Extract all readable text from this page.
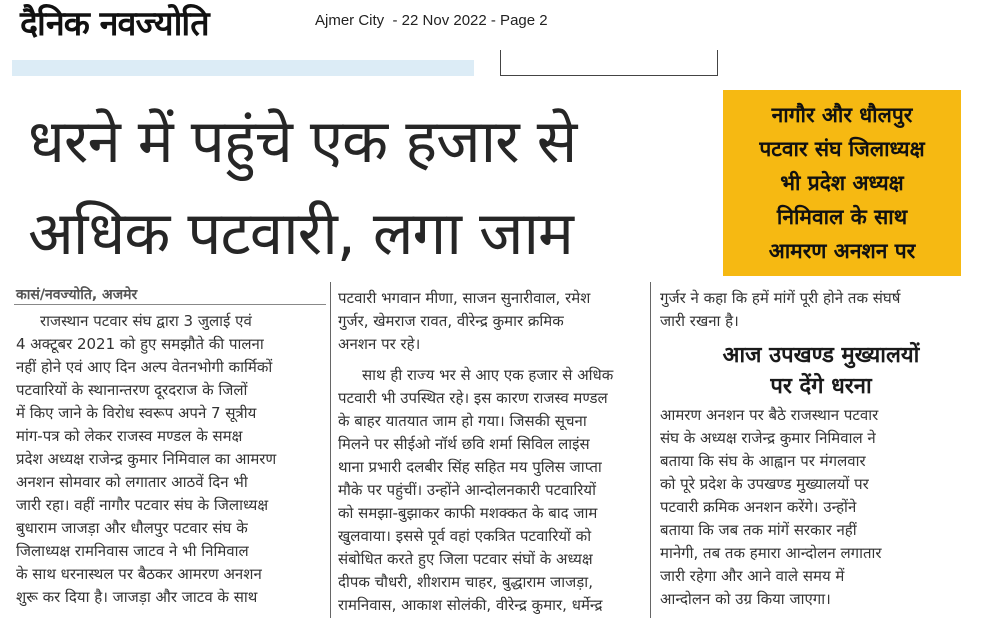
दैनिक नवज्योति	Ajmer City  - 22 Nov 2022 - Page 2
धरने में पहुंचे एक हजार से
अधिक पटवारी, लगा जाम
नागौर और धौलपुर
पटवार संघ जिलाध्यक्ष
भी प्रदेश अध्यक्ष
निमिवाल के साथ
आमरण अनशन पर
कासं/नवज्योति, अजमेर

राजस्थान पटवार संघ द्वारा 3 जुलाई एवं

4 अक्टूबर 2021 को हुए समझौते की पालना

नहीं होने एवं आए दिन अल्प वेतनभोगी कार्मिकों

पटवारियों के स्थानान्तरण दूरदराज के जिलों

में किए जाने के विरोध स्वरूप अपने 7 सूत्रीय

मांग-पत्र को लेकर राजस्व मण्डल के समक्ष

प्रदेश अध्यक्ष राजेन्द्र कुमार निमिवाल का आमरण

अनशन सोमवार को लगातार आठवें दिन भी

जारी रहा। वहीं नागौर पटवार संघ के जिलाध्यक्ष

बुधाराम जाजड़ा और धौलपुर पटवार संघ के

जिलाध्यक्ष रामनिवास जाटव ने भी निमिवाल

के साथ धरनास्थल पर बैठकर आमरण अनशन

शुरू कर दिया है। जाजड़ा और जाटव के साथ

पटवारी भगवान मीणा, साजन सुनारीवाल, रमेश

गुर्जर, खेमराज रावत, वीरेन्द्र कुमार क्रमिक

अनशन पर रहे।

साथ ही राज्य भर से आए एक हजार से अधिक

पटवारी भी उपस्थित रहे। इस कारण राजस्व मण्डल

के बाहर यातयात जाम हो गया। जिसकी सूचना

मिलने पर सीईओ नॉर्थ छवि शर्मा सिविल लाइंस

थाना प्रभारी दलबीर सिंह सहित मय पुलिस जाप्ता

मौके पर पहुंचीं। उन्होंने आन्दोलनकारी पटवारियों

को समझा-बुझाकर काफी मशक्कत के बाद जाम

खुलवाया। इससे पूर्व वहां एकत्रित पटवारियों को

संबोधित करते हुए जिला पटवार संघों के अध्यक्ष

दीपक चौधरी, शीशराम चाहर, बुद्धाराम जाजड़ा,

रामनिवास, आकाश सोलंकी, वीरेन्द्र कुमार, धर्मेन्द्र

गुर्जर ने कहा कि हमें मांगें पूरी होने तक संघर्ष

जारी रखना है।

आज उपखण्ड मुख्यालयों
पर देंगे धरना

आमरण अनशन पर बैठे राजस्थान पटवार

संघ के अध्यक्ष राजेन्द्र कुमार निमिवाल ने

बताया कि संघ के आह्वान पर मंगलवार

को पूरे प्रदेश के उपखण्ड मुख्यालयों पर

पटवारी क्रमिक अनशन करेंगे। उन्होंने

बताया कि जब तक मांगें सरकार नहीं

मानेगी, तब तक हमारा आन्दोलन लगातार

जारी रहेगा और आने वाले समय में

आन्दोलन को उग्र किया जाएगा।
